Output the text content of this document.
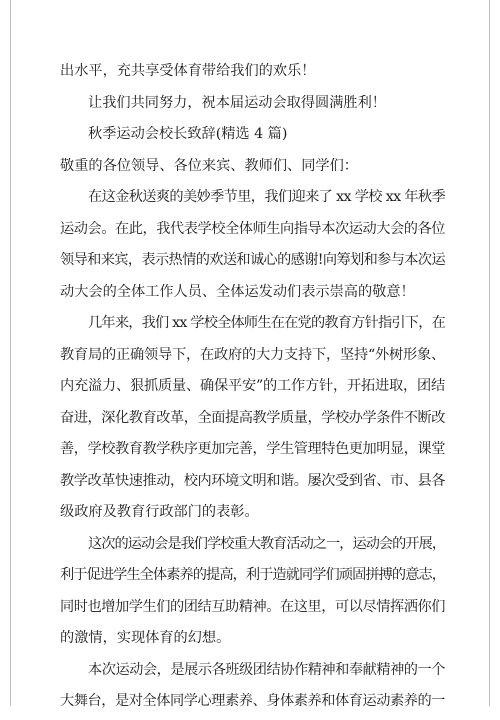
出水平，充共享受体育带给我们的欢乐！
让我们共同努力，祝本届运动会取得圆满胜利！
秋季运动会校长致辞(精选 4 篇)
敬重的各位领导、各位来宾、教师们、同学们：
在这金秋送爽的美妙季节里，我们迎来了 xx 学校 xx 年秋季
运动会。在此，我代表学校全体师生向指导本次运动大会的各位
领导和来宾，表示热情的欢送和诚心的感谢!向筹划和参与本次运
动大会的全体工作人员、全体运发动们表示崇高的敬意！
几年来，我们 xx 学校全体师生在在党的教育方针指引下，在
教育局的正确领导下，在政府的大力支持下，坚持“外树形象、
内充溢力、狠抓质量、确保平安”的工作方针，开拓进取，团结
奋进，深化教育改革，全面提高教学质量，学校办学条件不断改
善，学校教育教学秩序更加完善，学生管理特色更加明显，课堂
教学改革快速推动，校内环境文明和谐。屡次受到省、市、县各
级政府及教育行政部门的表彰。
这次的运动会是我们学校重大教育活动之一，运动会的开展，
利于促进学生全体素养的提高，利于造就同学们顽固拼搏的意志，
同时也增加学生们的团结互助精神。在这里，可以尽情挥洒你们
的激情，实现体育的幻想。
本次运动会，是展示各班级团结协作精神和奉献精神的一个
大舞台，是对全体同学心理素养、身体素养和体育运动素养的一
